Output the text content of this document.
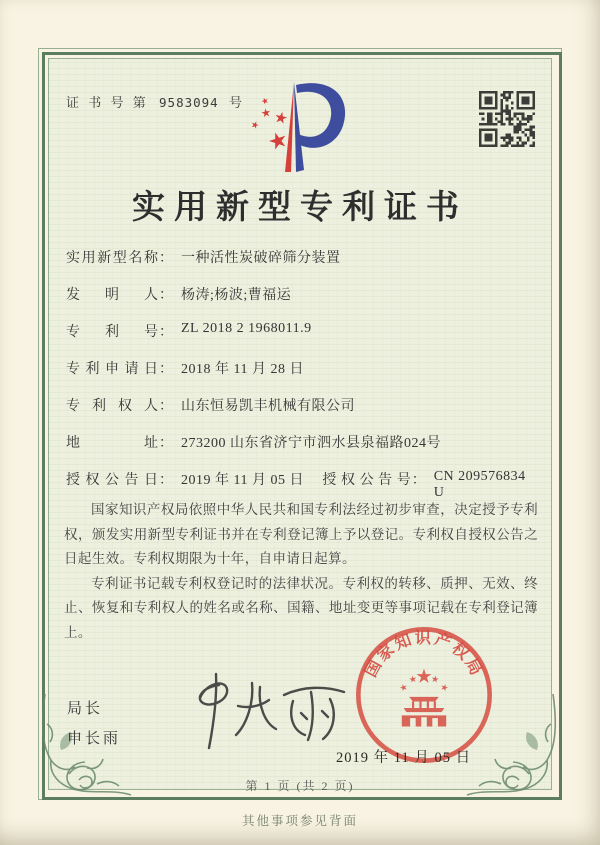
证 书 号 第 9583094 号
实用新型专利证书
实用新型名称 ： 一种活性炭破碎筛分装置
发明人 ： 杨涛;杨波;曹福运
专利号 ： ZL 2018 2 1968011.9
专利申请日 ： 2018 年 11 月 28 日
专利权人 ： 山东恒易凯丰机械有限公司
地址 ： 273200 山东省济宁市泗水县泉福路024号
授权公告日 ： 2019 年 11 月 05 日 授权公告号 ： CN 209576834 U

国家知识产权局依照中华人民共和国专利法经过初步审查，决定授予专利权，颁发实用新型专利证书并在专利登记簿上予以登记。专利权自授权公告之日起生效。专利权期限为十年，自申请日起算。

专利证书记载专利权登记时的法律状况。专利权的转移、质押、无效、终止、恢复和专利权人的姓名或名称、国籍、地址变更等事项记载在专利登记簿上。

局长
申长雨
国家知识产权局
2019 年 11 月 05 日
第 1 页 (共 2 页)
其他事项参见背面
